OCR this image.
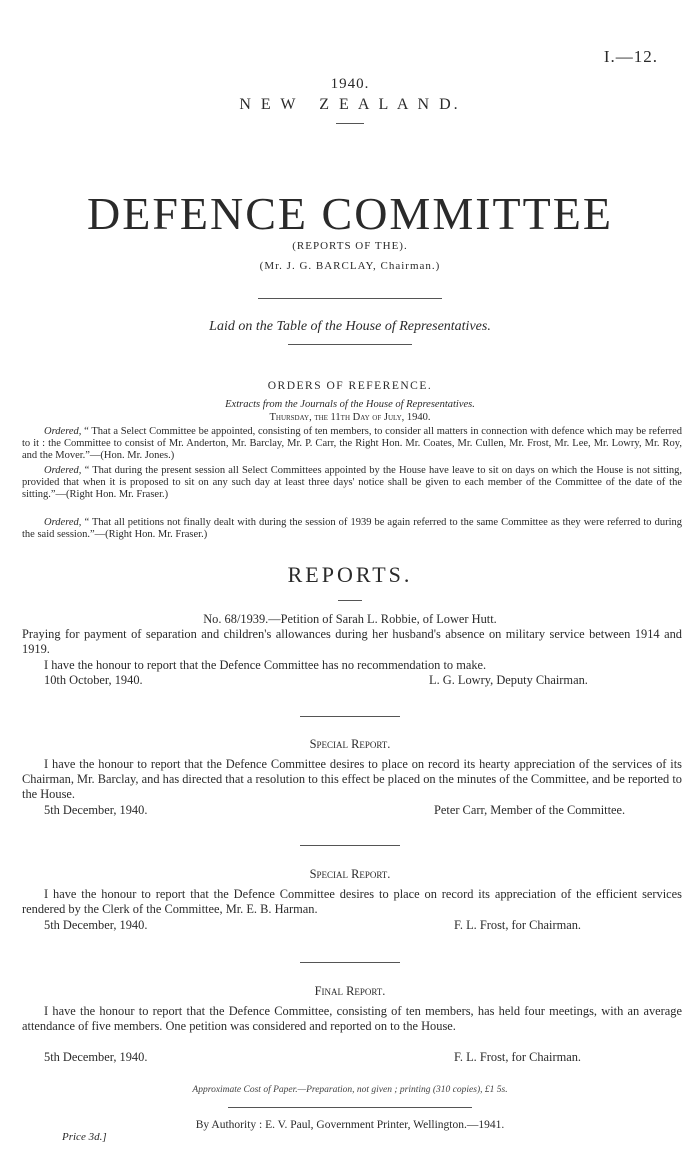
I.—12.
1940.
N E W   Z E A L A N D.
DEFENCE COMMITTEE
(REPORTS OF THE).
(Mr. J. G. BARCLAY, Chairman.)
Laid on the Table of the House of Representatives.
ORDERS OF REFERENCE.
Extracts from the Journals of the House of Representatives.
Thursday, the 11th Day of July, 1940.
Ordered, “ That a Select Committee be appointed, consisting of ten members, to consider all matters in connection with defence which may be referred to it : the Committee to consist of Mr. Anderton, Mr. Barclay, Mr. P. Carr, the Right Hon. Mr. Coates, Mr. Cullen, Mr. Frost, Mr. Lee, Mr. Lowry, Mr. Roy, and the Mover.”—(Hon. Mr. Jones.)
Ordered, “ That during the present session all Select Committees appointed by the House have leave to sit on days on which the House is not sitting, provided that when it is proposed to sit on any such day at least three days' notice shall be given to each member of the Committee of the date of the sitting.”—(Right Hon. Mr. Fraser.)
Ordered, “ That all petitions not finally dealt with during the session of 1939 be again referred to the same Committee as they were referred to during the said session.”—(Right Hon. Mr. Fraser.)
REPORTS.
No. 68/1939.—Petition of Sarah L. Robbie, of Lower Hutt.
Praying for payment of separation and children's allowances during her husband's absence on military service between 1914 and 1919.
I have the honour to report that the Defence Committee has no recommendation to make.
10th October, 1940.	L. G. Lowry, Deputy Chairman.
Special Report.
I have the honour to report that the Defence Committee desires to place on record its hearty appreciation of the services of its Chairman, Mr. Barclay, and has directed that a resolution to this effect be placed on the minutes of the Committee, and be reported to the House.
5th December, 1940.	Peter Carr, Member of the Committee.
Special Report.
I have the honour to report that the Defence Committee desires to place on record its appreciation of the efficient services rendered by the Clerk of the Committee, Mr. E. B. Harman.
5th December, 1940.	F. L. Frost, for Chairman.
Final Report.
I have the honour to report that the Defence Committee, consisting of ten members, has held four meetings, with an average attendance of five members. One petition was considered and reported on to the House.
5th December, 1940.	F. L. Frost, for Chairman.
Approximate Cost of Paper.—Preparation, not given ; printing (310 copies), £1 5s.
By Authority : E. V. Paul, Government Printer, Wellington.—1941.
Price 3d.]
